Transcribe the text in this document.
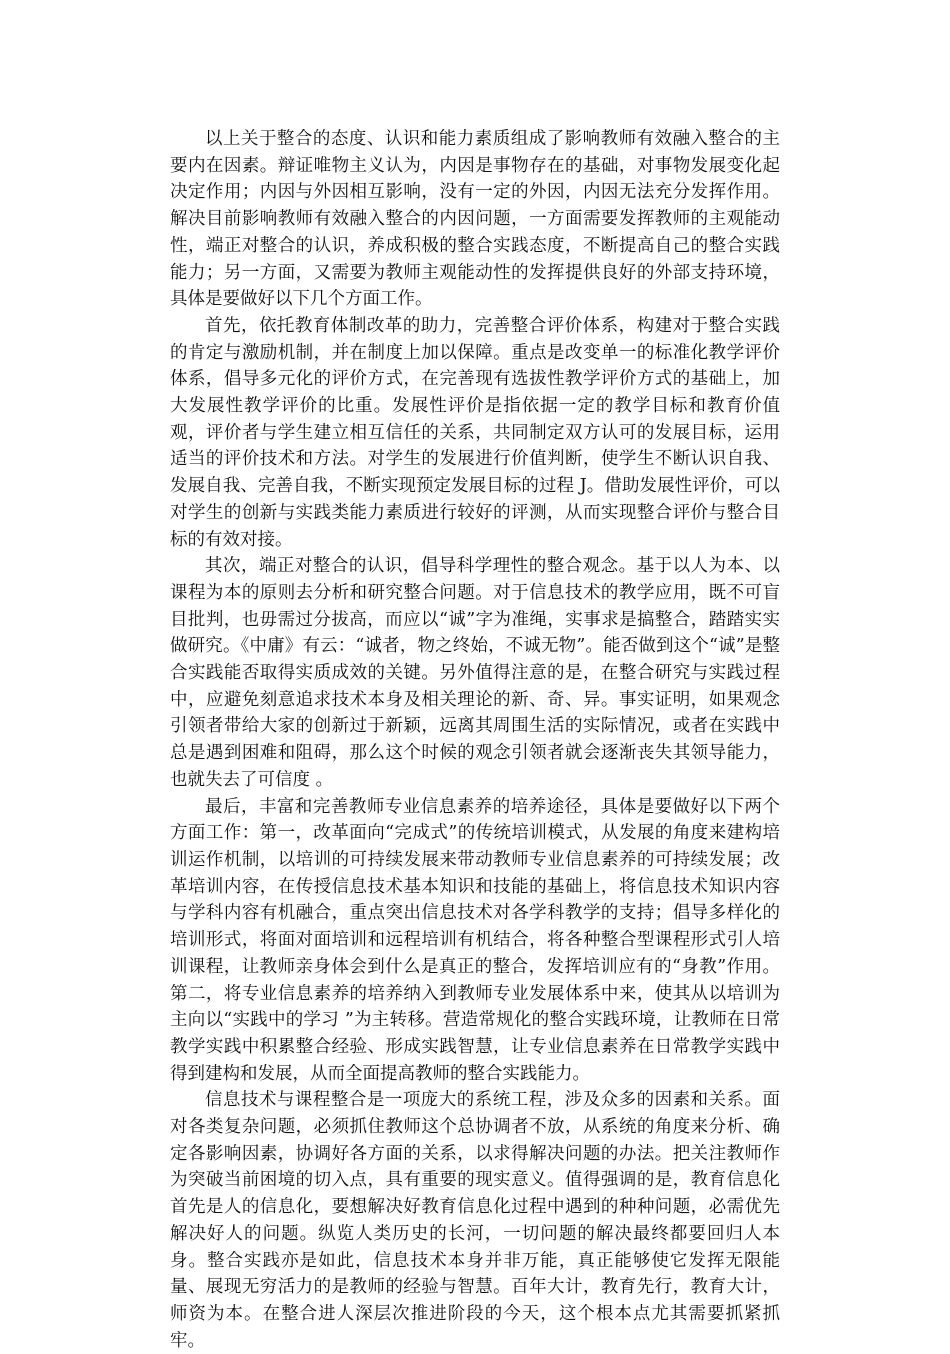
以上关于整合的态度、认识和能力素质组成了影响教师有效融入整合的主要内在因素。辩证唯物主义认为，内因是事物存在的基础，对事物发展变化起决定作用；内因与外因相互影响，没有一定的外因，内因无法充分发挥作用。解决目前影响教师有效融入整合的内因问题，一方面需要发挥教师的主观能动性，端正对整合的认识，养成积极的整合实践态度，不断提高自己的整合实践能力；另一方面，又需要为教师主观能动性的发挥提供良好的外部支持环境，具体是要做好以下几个方面工作。

首先，依托教育体制改革的助力，完善整合评价体系，构建对于整合实践的肯定与激励机制，并在制度上加以保障。重点是改变单一的标准化教学评价体系，倡导多元化的评价方式，在完善现有选拔性教学评价方式的基础上，加大发展性教学评价的比重。发展性评价是指依据一定的教学目标和教育价值观，评价者与学生建立相互信任的关系，共同制定双方认可的发展目标，运用适当的评价技术和方法。对学生的发展进行价值判断，使学生不断认识自我、发展自我、完善自我，不断实现预定发展目标的过程 J。借助发展性评价，可以对学生的创新与实践类能力素质进行较好的评测，从而实现整合评价与整合目标的有效对接。

其次，端正对整合的认识，倡导科学理性的整合观念。基于以人为本、以课程为本的原则去分析和研究整合问题。对于信息技术的教学应用，既不可盲目批判，也毋需过分拔高，而应以“诚”字为准绳，实事求是搞整合，踏踏实实做研究。《中庸》有云：“诚者，物之终始，不诚无物”。能否做到这个“诚”是整合实践能否取得实质成效的关键。另外值得注意的是，在整合研究与实践过程中，应避免刻意追求技术本身及相关理论的新、奇、异。事实证明，如果观念引领者带给大家的创新过于新颖，远离其周围生活的实际情况，或者在实践中总是遇到困难和阻碍，那么这个时候的观念引领者就会逐渐丧失其领导能力，也就失去了可信度 。

最后，丰富和完善教师专业信息素养的培养途径，具体是要做好以下两个方面工作：第一，改革面向“完成式”的传统培训模式，从发展的角度来建构培训运作机制，以培训的可持续发展来带动教师专业信息素养的可持续发展；改革培训内容，在传授信息技术基本知识和技能的基础上，将信息技术知识内容与学科内容有机融合，重点突出信息技术对各学科教学的支持；倡导多样化的培训形式，将面对面培训和远程培训有机结合，将各种整合型课程形式引人培训课程，让教师亲身体会到什么是真正的整合，发挥培训应有的“身教”作用。第二，将专业信息素养的培养纳入到教师专业发展体系中来，使其从以培训为主向以“实践中的学习 ”为主转移。营造常规化的整合实践环境，让教师在日常教学实践中积累整合经验、形成实践智慧，让专业信息素养在日常教学实践中得到建构和发展，从而全面提高教师的整合实践能力。

信息技术与课程整合是一项庞大的系统工程，涉及众多的因素和关系。面对各类复杂问题，必须抓住教师这个总协调者不放，从系统的角度来分析、确定各影响因素，协调好各方面的关系，以求得解决问题的办法。把关注教师作为突破当前困境的切入点，具有重要的现实意义。值得强调的是，教育信息化首先是人的信息化，要想解决好教育信息化过程中遇到的种种问题，必需优先解决好人的问题。纵览人类历史的长河，一切问题的解决最终都要回归人本身。整合实践亦是如此，信息技术本身并非万能，真正能够使它发挥无限能量、展现无穷活力的是教师的经验与智慧。百年大计，教育先行，教育大计，师资为本。在整合进人深层次推进阶段的今天，这个根本点尤其需要抓紧抓牢。
